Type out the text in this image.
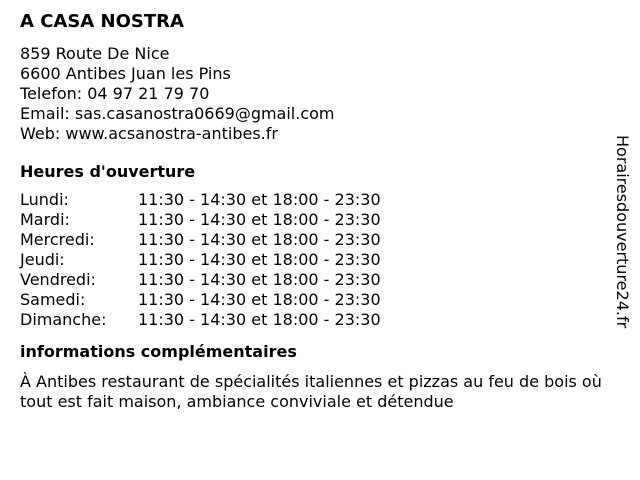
A CASA NOSTRA
859 Route De Nice
6600 Antibes Juan les Pins
Telefon: 04 97 21 79 70
Email: sas.casanostra0669@gmail.com
Web: www.acsanostra-antibes.fr
Heures d'ouverture
Lundi:	11:30 - 14:30 et 18:00 - 23:30
Mardi:	11:30 - 14:30 et 18:00 - 23:30
Mercredi:	11:30 - 14:30 et 18:00 - 23:30
Jeudi:	11:30 - 14:30 et 18:00 - 23:30
Vendredi:	11:30 - 14:30 et 18:00 - 23:30
Samedi:	11:30 - 14:30 et 18:00 - 23:30
Dimanche:	11:30 - 14:30 et 18:00 - 23:30
informations complémentaires
À Antibes restaurant de spécialités italiennes et pizzas au feu de bois où tout est fait maison, ambiance conviviale et détendue
Horairesdouverture24.fr
